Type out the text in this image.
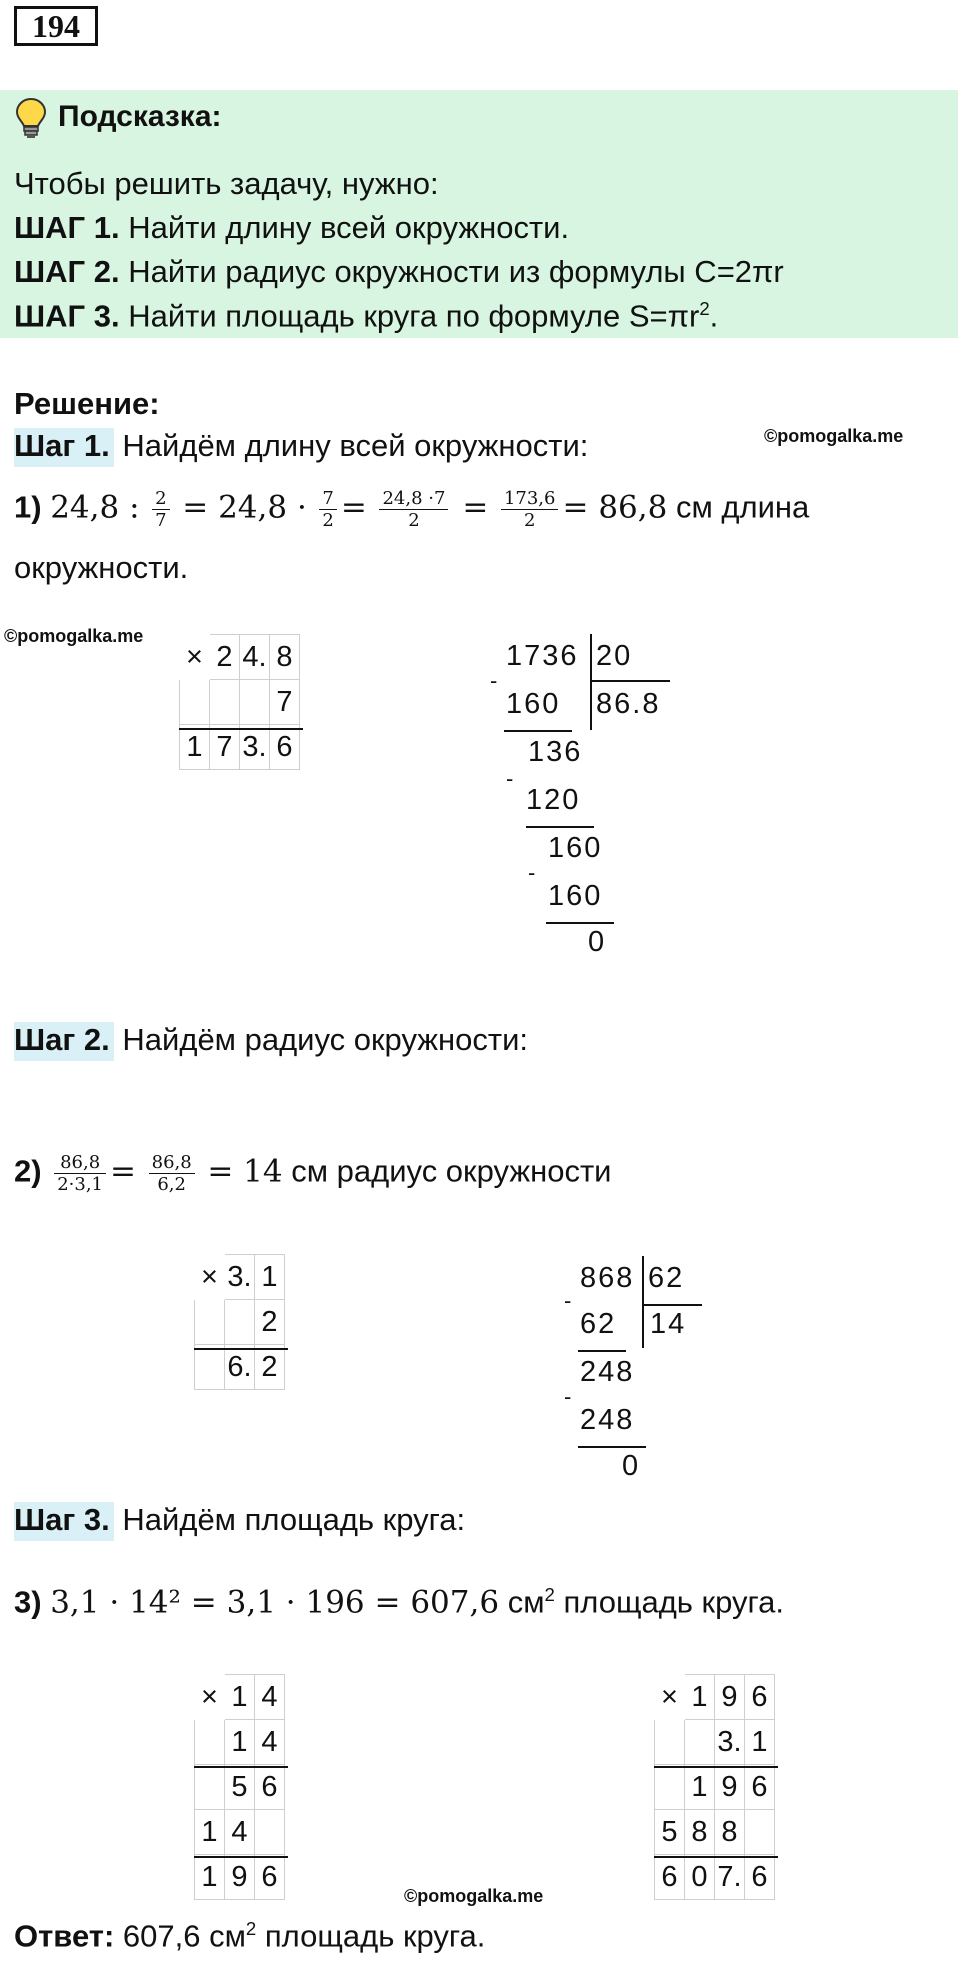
194
Подсказка:
Чтобы решить задачу, нужно:
ШАГ 1. Найти длину всей окружности.
ШАГ 2. Найти радиус окружности из формулы С=2πr
ШАГ 3. Найти площадь круга по формуле $S=\pi r^2$.
Решение:
Шаг 1. Найдём длину всей окружности:	©pomogalka.me
1) 24,8 : $\frac{2}{7} = 24,8 \cdot \frac{7}{2} = \frac{24,8 \cdot 7}{2} = \frac{173,6}{2} = 86,8$ см длина
окружности.
©pomogalka.me
×	2	4.	8
			7
1	7	3.	6
1736 20
86.8
-
160
136
-
120
160
-
160
0
Шаг 2. Найдём радиус окружности:
$2) \frac{86,8}{2\cdot 3,1} = \frac{86,8}{6,2} = 14$ см радиус окружности
×	3.	1
		2
	6.	2
868 62
14
-
62
248
-
248
0
Шаг 3. Найдём площадь круга:
3) 3,1 · 14² = 3,1 · 196 = 607,6 $см^2$ площадь круга.
×	1	4
	1	4
	5	6
1	4	
1	9	6
×	1	9	6
		3.	1
	1	9	6
5	8	8	
6	0	7.	6
©pomogalka.me
Ответ: 607,6 $см^2$ площадь круга.
